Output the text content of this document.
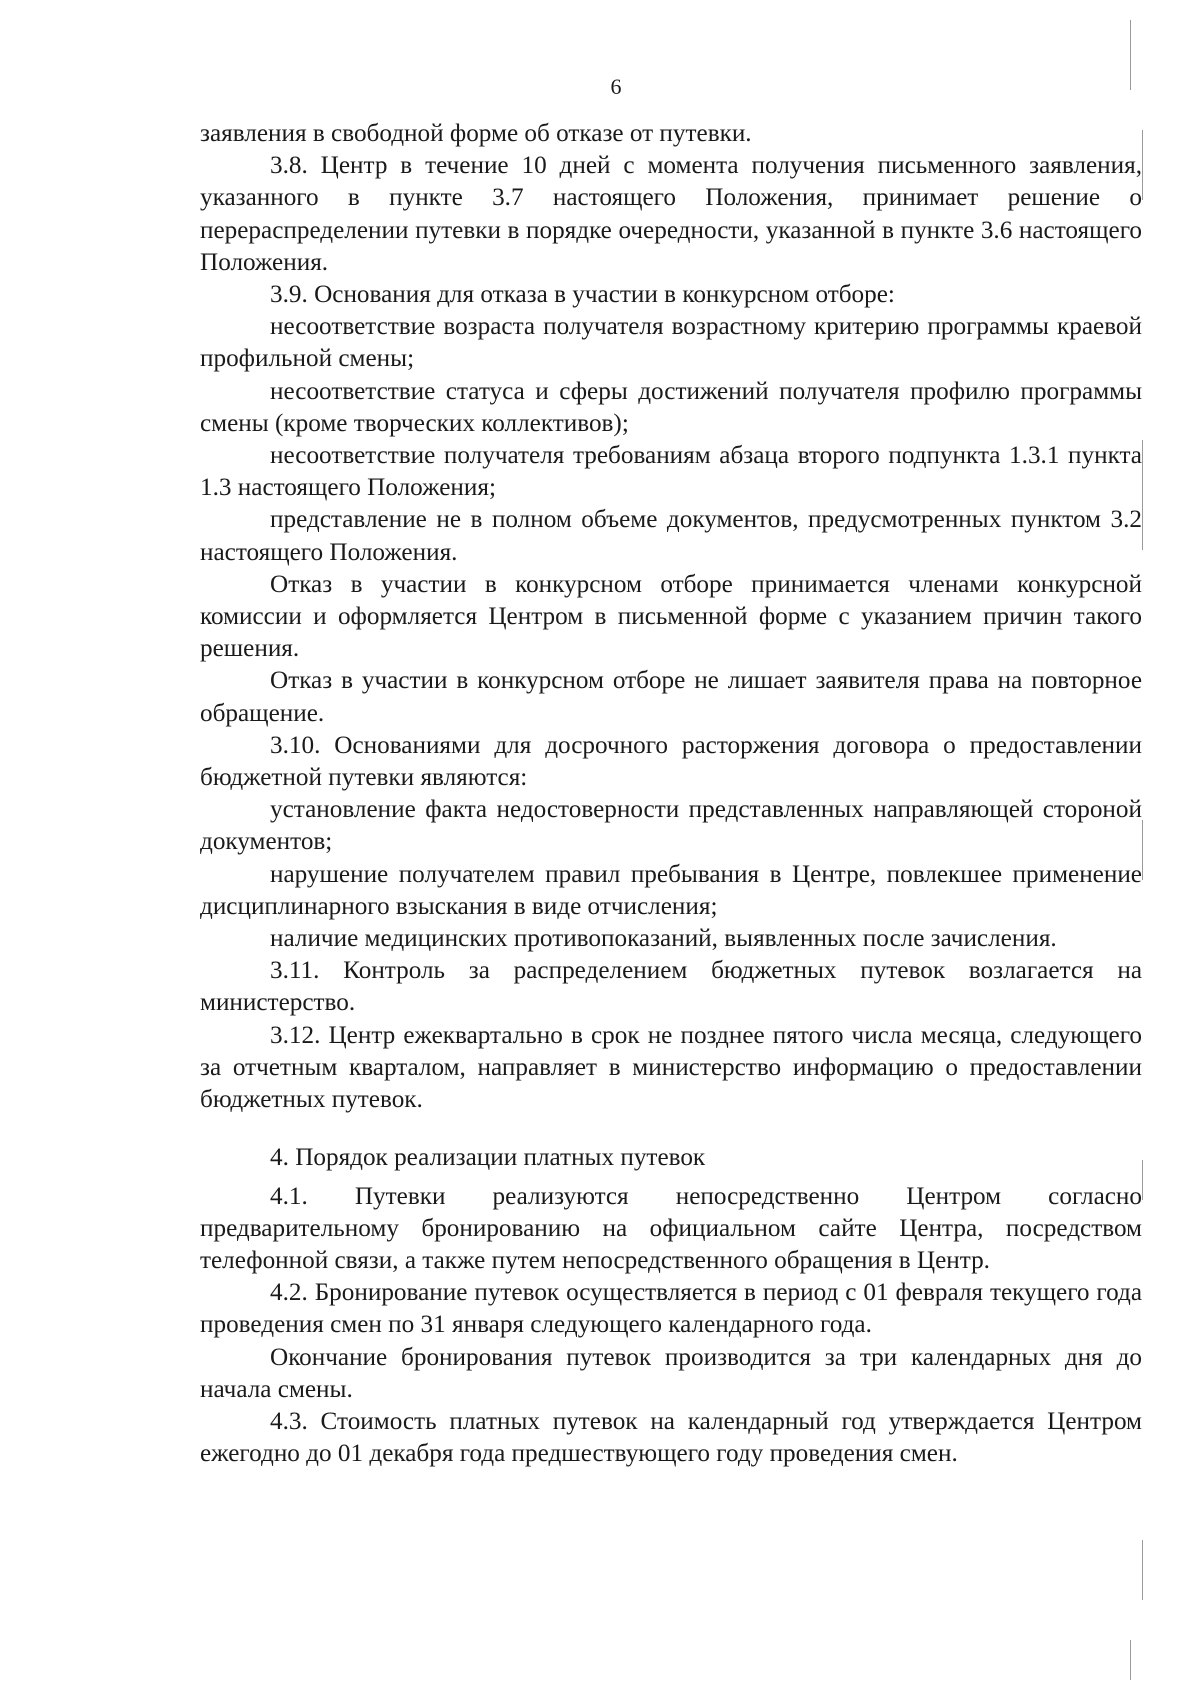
6

заявления в свободной форме об отказе от путевки.

3.8. Центр в течение 10 дней с момента получения письменного заявления, указанного в пункте 3.7 настоящего Положения, принимает решение о перераспределении путевки в порядке очередности, указанной в пункте 3.6 настоящего Положения.

3.9. Основания для отказа в участии в конкурсном отборе:

несоответствие возраста получателя возрастному критерию программы краевой профильной смены;

несоответствие статуса и сферы достижений получателя профилю программы смены (кроме творческих коллективов);

несоответствие получателя требованиям абзаца второго подпункта 1.3.1 пункта 1.3 настоящего Положения;

представление не в полном объеме документов, предусмотренных пунктом 3.2 настоящего Положения.

Отказ в участии в конкурсном отборе принимается членами конкурсной комиссии и оформляется Центром в письменной форме с указанием причин такого решения.

Отказ в участии в конкурсном отборе не лишает заявителя права на повторное обращение.

3.10. Основаниями для досрочного расторжения договора о предоставлении бюджетной путевки являются:

установление факта недостоверности представленных направляющей стороной документов;

нарушение получателем правил пребывания в Центре, повлекшее применение дисциплинарного взыскания в виде отчисления;

наличие медицинских противопоказаний, выявленных после зачисления.

3.11. Контроль за распределением бюджетных путевок возлагается на министерство.

3.12. Центр ежеквартально в срок не позднее пятого числа месяца, следующего за отчетным кварталом, направляет в министерство информацию о предоставлении бюджетных путевок.

4. Порядок реализации платных путевок

4.1. Путевки реализуются непосредственно Центром согласно предварительному бронированию на официальном сайте Центра, посредством телефонной связи, а также путем непосредственного обращения в Центр.

4.2. Бронирование путевок осуществляется в период с 01 февраля текущего года проведения смен по 31 января следующего календарного года.

Окончание бронирования путевок производится за три календарных дня до начала смены.

4.3. Стоимость платных путевок на календарный год утверждается Центром ежегодно до 01 декабря года предшествующего году проведения смен.
